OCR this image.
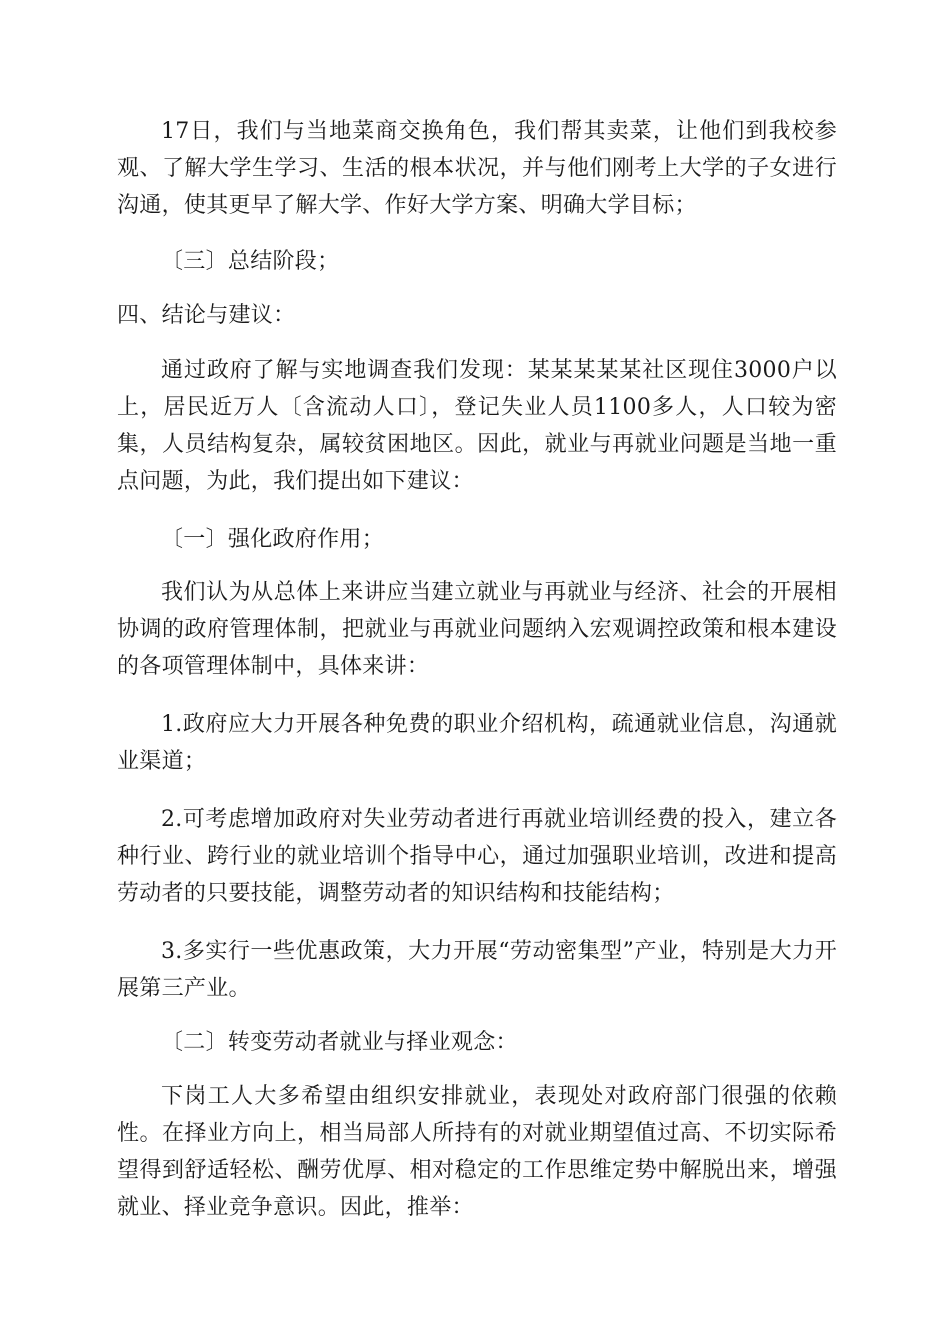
17日，我们与当地菜商交换角色，我们帮其卖菜，让他们到我校参观、了解大学生学习、生活的根本状况，并与他们刚考上大学的子女进行沟通，使其更早了解大学、作好大学方案、明确大学目标；

〔三〕总结阶段；

四、结论与建议：

通过政府了解与实地调查我们发现：某某某某某社区现住3000户以上，居民近万人〔含流动人口〕，登记失业人员1100多人，人口较为密集，人员结构复杂，属较贫困地区。因此，就业与再就业问题是当地一重点问题，为此，我们提出如下建议：

〔一〕强化政府作用；

我们认为从总体上来讲应当建立就业与再就业与经济、社会的开展相协调的政府管理体制，把就业与再就业问题纳入宏观调控政策和根本建设的各项管理体制中，具体来讲：

1.政府应大力开展各种免费的职业介绍机构，疏通就业信息，沟通就业渠道；

2.可考虑增加政府对失业劳动者进行再就业培训经费的投入，建立各种行业、跨行业的就业培训个指导中心，通过加强职业培训，改进和提高劳动者的只要技能，调整劳动者的知识结构和技能结构；

3.多实行一些优惠政策，大力开展“劳动密集型”产业，特别是大力开展第三产业。

〔二〕转变劳动者就业与择业观念：

下岗工人大多希望由组织安排就业，表现处对政府部门很强的依赖性。在择业方向上，相当局部人所持有的对就业期望值过高、不切实际希望得到舒适轻松、酬劳优厚、相对稳定的工作思维定势中解脱出来，增强就业、择业竞争意识。因此，推举：
